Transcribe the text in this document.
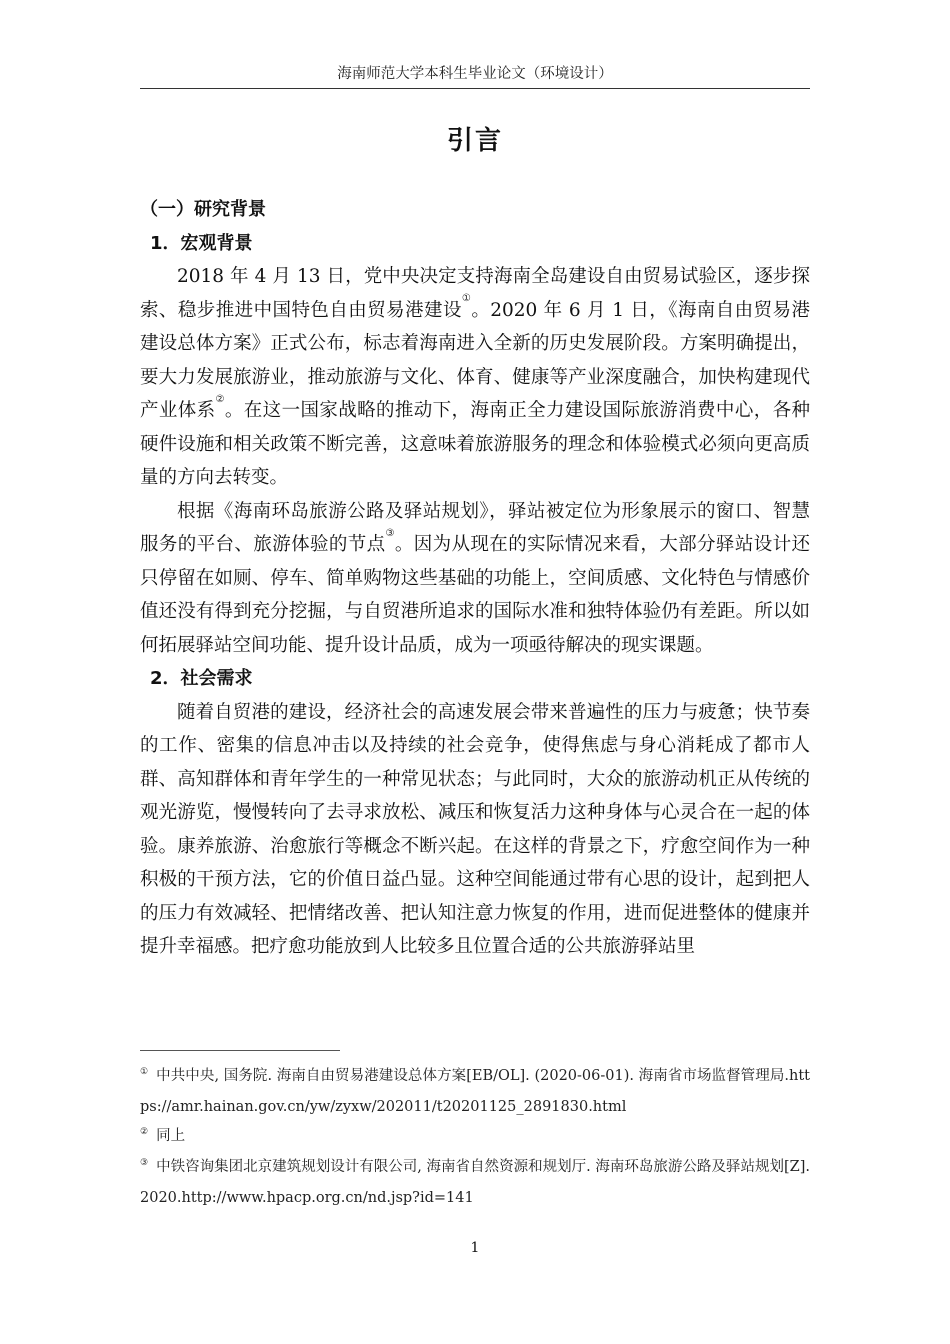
海南师范大学本科生毕业论文（环境设计）
引言
（一）研究背景
1．宏观背景

2018 年 4 月 13 日，党中央决定支持海南全岛建设自由贸易试验区，逐步探索、稳步推进中国特色自由贸易港建设①。2020 年 6 月 1 日，《海南自由贸易港建设总体方案》正式公布，标志着海南进入全新的历史发展阶段。方案明确提出，要大力发展旅游业，推动旅游与文化、体育、健康等产业深度融合，加快构建现代产业体系②。在这一国家战略的推动下，海南正全力建设国际旅游消费中心，各种硬件设施和相关政策不断完善，这意味着旅游服务的理念和体验模式必须向更高质量的方向去转变。

根据《海南环岛旅游公路及驿站规划》，驿站被定位为形象展示的窗口、智慧服务的平台、旅游体验的节点③。因为从现在的实际情况来看，大部分驿站设计还只停留在如厕、停车、简单购物这些基础的功能上，空间质感、文化特色与情感价值还没有得到充分挖掘，与自贸港所追求的国际水准和独特体验仍有差距。所以如何拓展驿站空间功能、提升设计品质，成为一项亟待解决的现实课题。

2．社会需求

随着自贸港的建设，经济社会的高速发展会带来普遍性的压力与疲惫；快节奏的工作、密集的信息冲击以及持续的社会竞争，使得焦虑与身心消耗成了都市人群、高知群体和青年学生的一种常见状态；与此同时，大众的旅游动机正从传统的观光游览，慢慢转向了去寻求放松、减压和恢复活力这种身体与心灵合在一起的体验。康养旅游、治愈旅行等概念不断兴起。在这样的背景之下，疗愈空间作为一种积极的干预方法，它的价值日益凸显。这种空间能通过带有心思的设计，起到把人的压力有效减轻、把情绪改善、把认知注意力恢复的作用，进而促进整体的健康并提升幸福感。把疗愈功能放到人比较多且位置合适的公共旅游驿站里

① 中共中央, 国务院. 海南自由贸易港建设总体方案[EB/OL]. (2020-06-01). 海南省市场监督管理局.https://amr.hainan.gov.cn/yw/zyxw/202011/t20201125_2891830.html

② 同上

③ 中铁咨询集团北京建筑规划设计有限公司, 海南省自然资源和规划厅. 海南环岛旅游公路及驿站规划[Z]. 2020.http://www.hpacp.org.cn/nd.jsp?id=141

1
